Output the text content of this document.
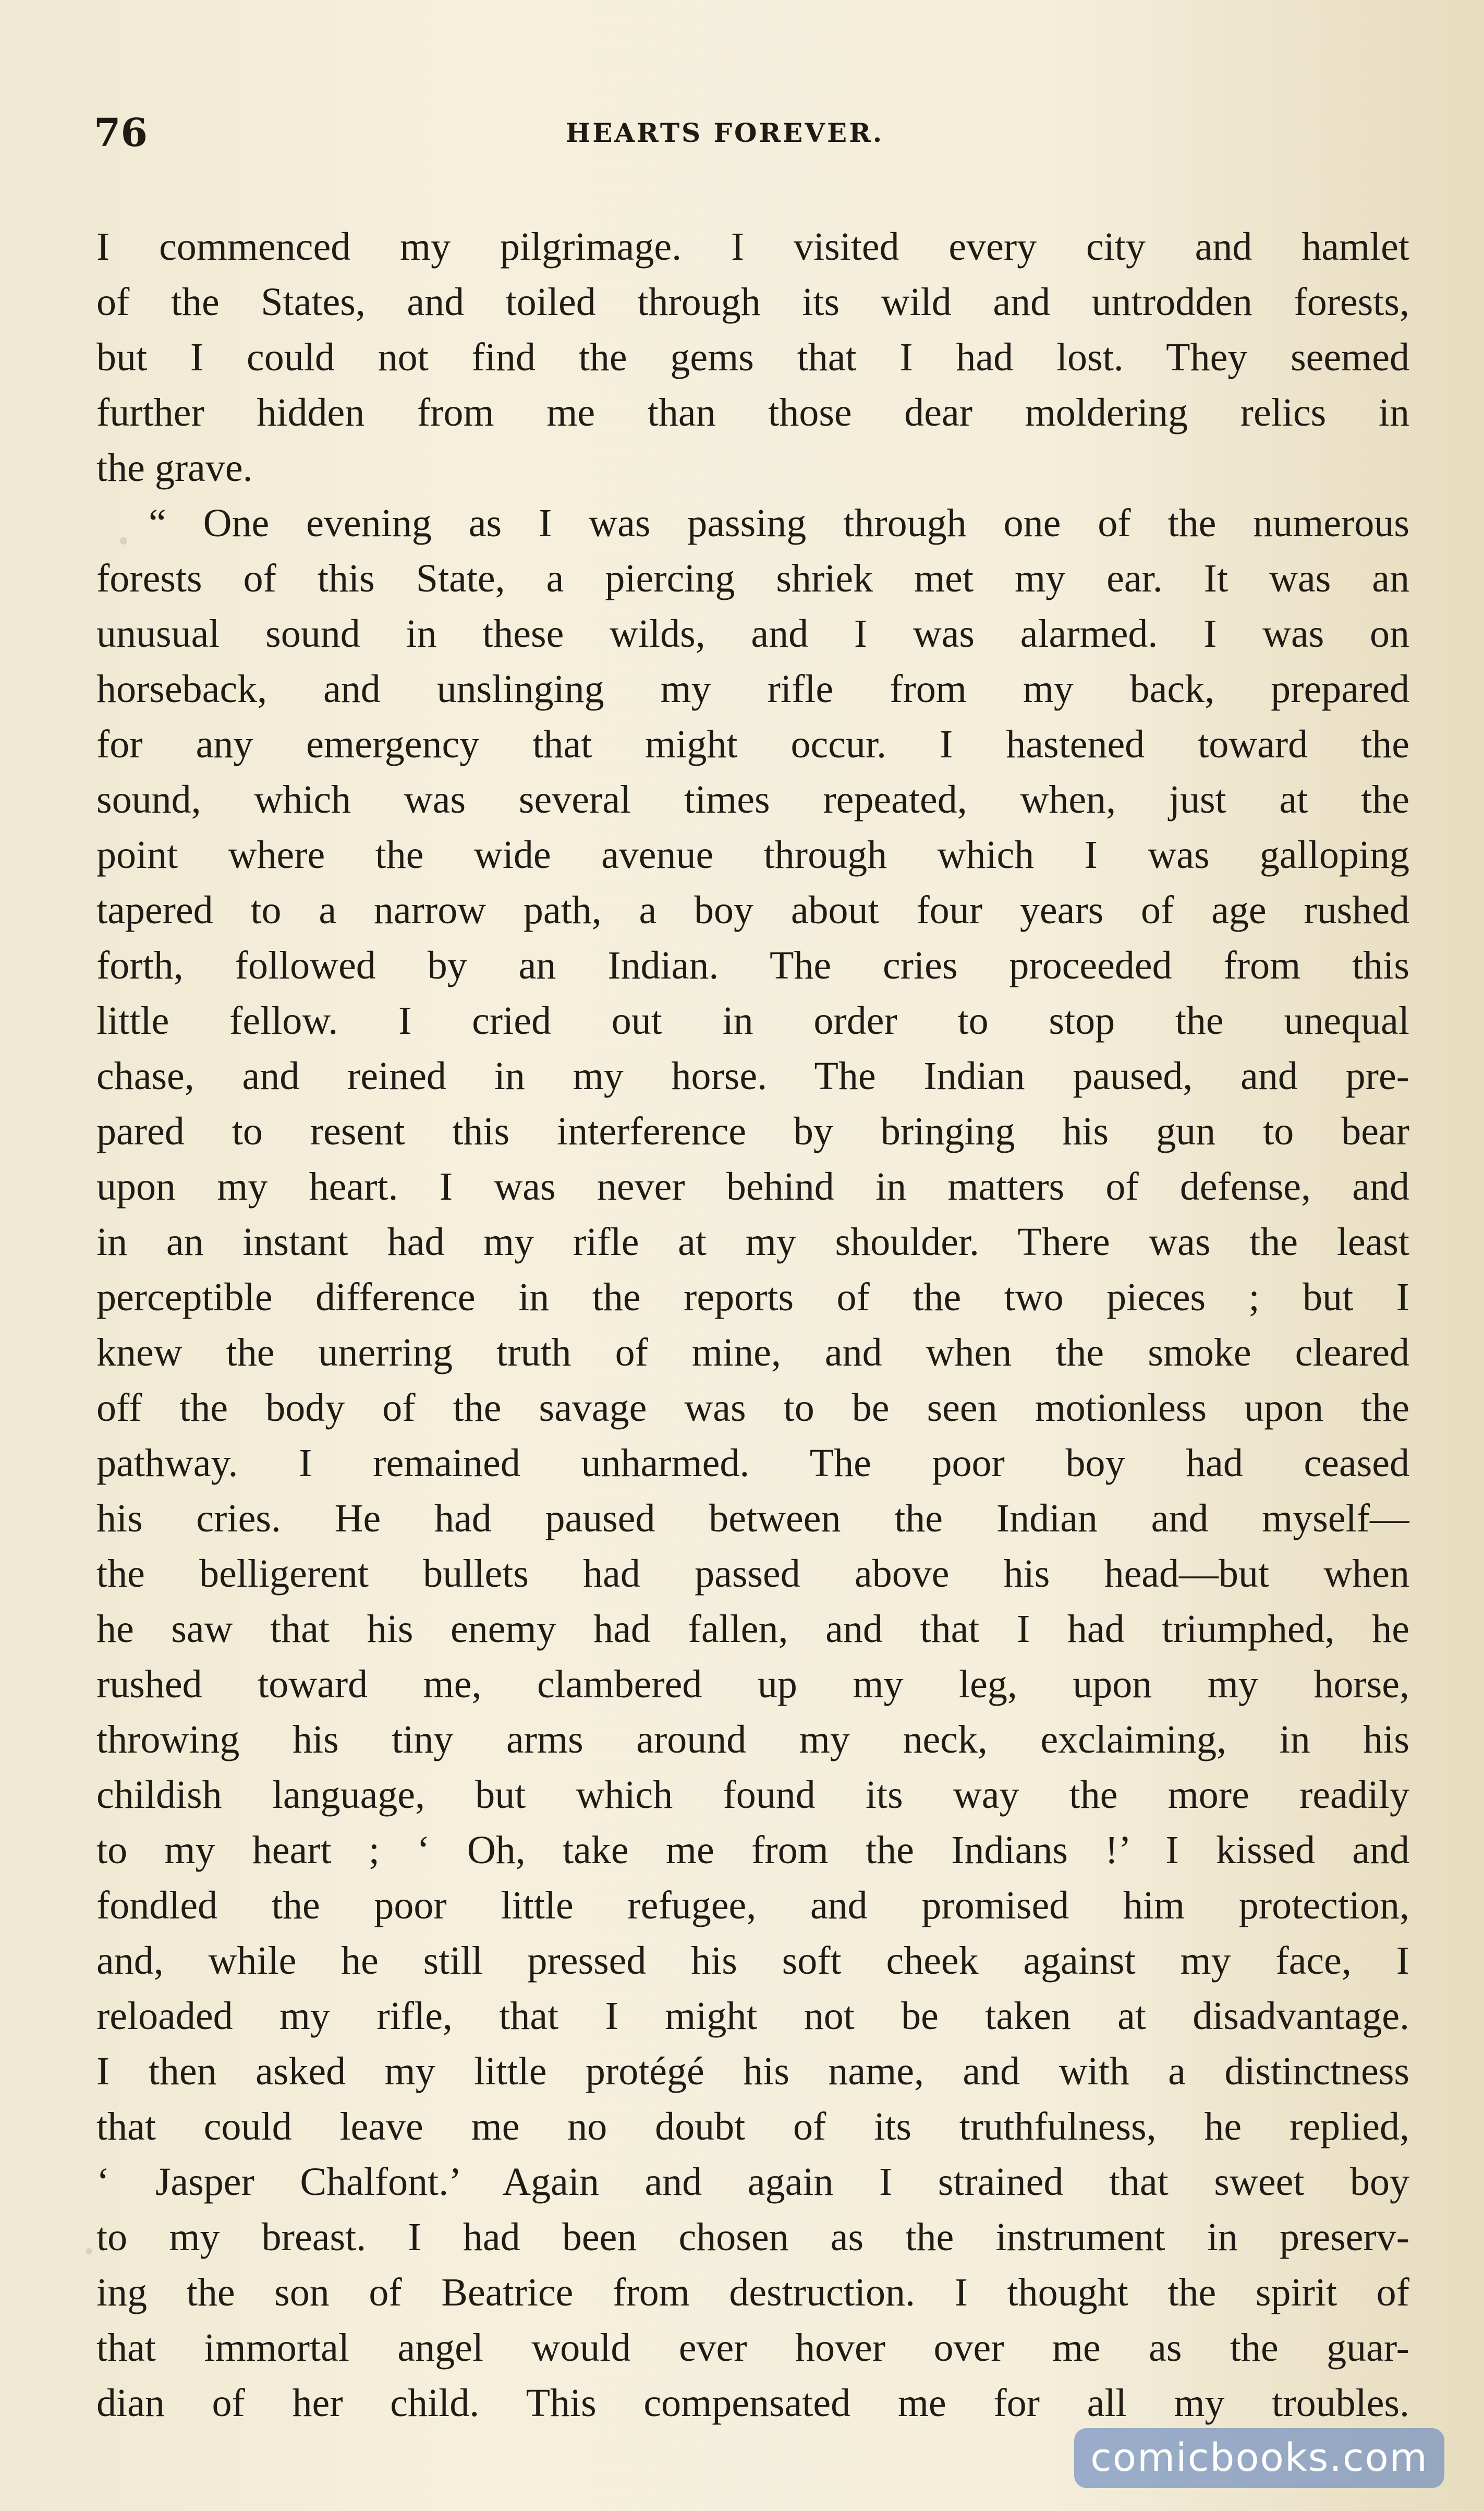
76	HEARTS FOREVER.
I commenced my pilgrimage. I visited every city and hamlet
of the States, and toiled through its wild and untrodden forests,
but I could not find the gems that I had lost. They seemed
further hidden from me than those dear moldering relics in
the grave.
“ One evening as I was passing through one of the numerous
forests of this State, a piercing shriek met my ear. It was an
unusual sound in these wilds, and I was alarmed. I was on
horseback, and unslinging my rifle from my back, prepared
for any emergency that might occur. I hastened toward the
sound, which was several times repeated, when, just at the
point where the wide avenue through which I was galloping
tapered to a narrow path, a boy about four years of age rushed
forth, followed by an Indian. The cries proceeded from this
little fellow. I cried out in order to stop the unequal
chase, and reined in my horse. The Indian paused, and pre-
pared to resent this interference by bringing his gun to bear
upon my heart. I was never behind in matters of defense, and
in an instant had my rifle at my shoulder. There was the least
perceptible difference in the reports of the two pieces ; but I
knew the unerring truth of mine, and when the smoke cleared
off the body of the savage was to be seen motionless upon the
pathway. I remained unharmed. The poor boy had ceased
his cries. He had paused between the Indian and myself—
the belligerent bullets had passed above his head—but when
he saw that his enemy had fallen, and that I had triumphed, he
rushed toward me, clambered up my leg, upon my horse,
throwing his tiny arms around my neck, exclaiming, in his
childish language, but which found its way the more readily
to my heart ; ‘ Oh, take me from the Indians !’ I kissed and
fondled the poor little refugee, and promised him protection,
and, while he still pressed his soft cheek against my face, I
reloaded my rifle, that I might not be taken at disadvantage.
I then asked my little protégé his name, and with a distinctness
that could leave me no doubt of its truthfulness, he replied,
‘ Jasper Chalfont.’ Again and again I strained that sweet boy
to my breast. I had been chosen as the instrument in preserv-
ing the son of Beatrice from destruction. I thought the spirit of
that immortal angel would ever hover over me as the guar-
dian of her child. This compensated me for all my troubles.
comicbooks.com
